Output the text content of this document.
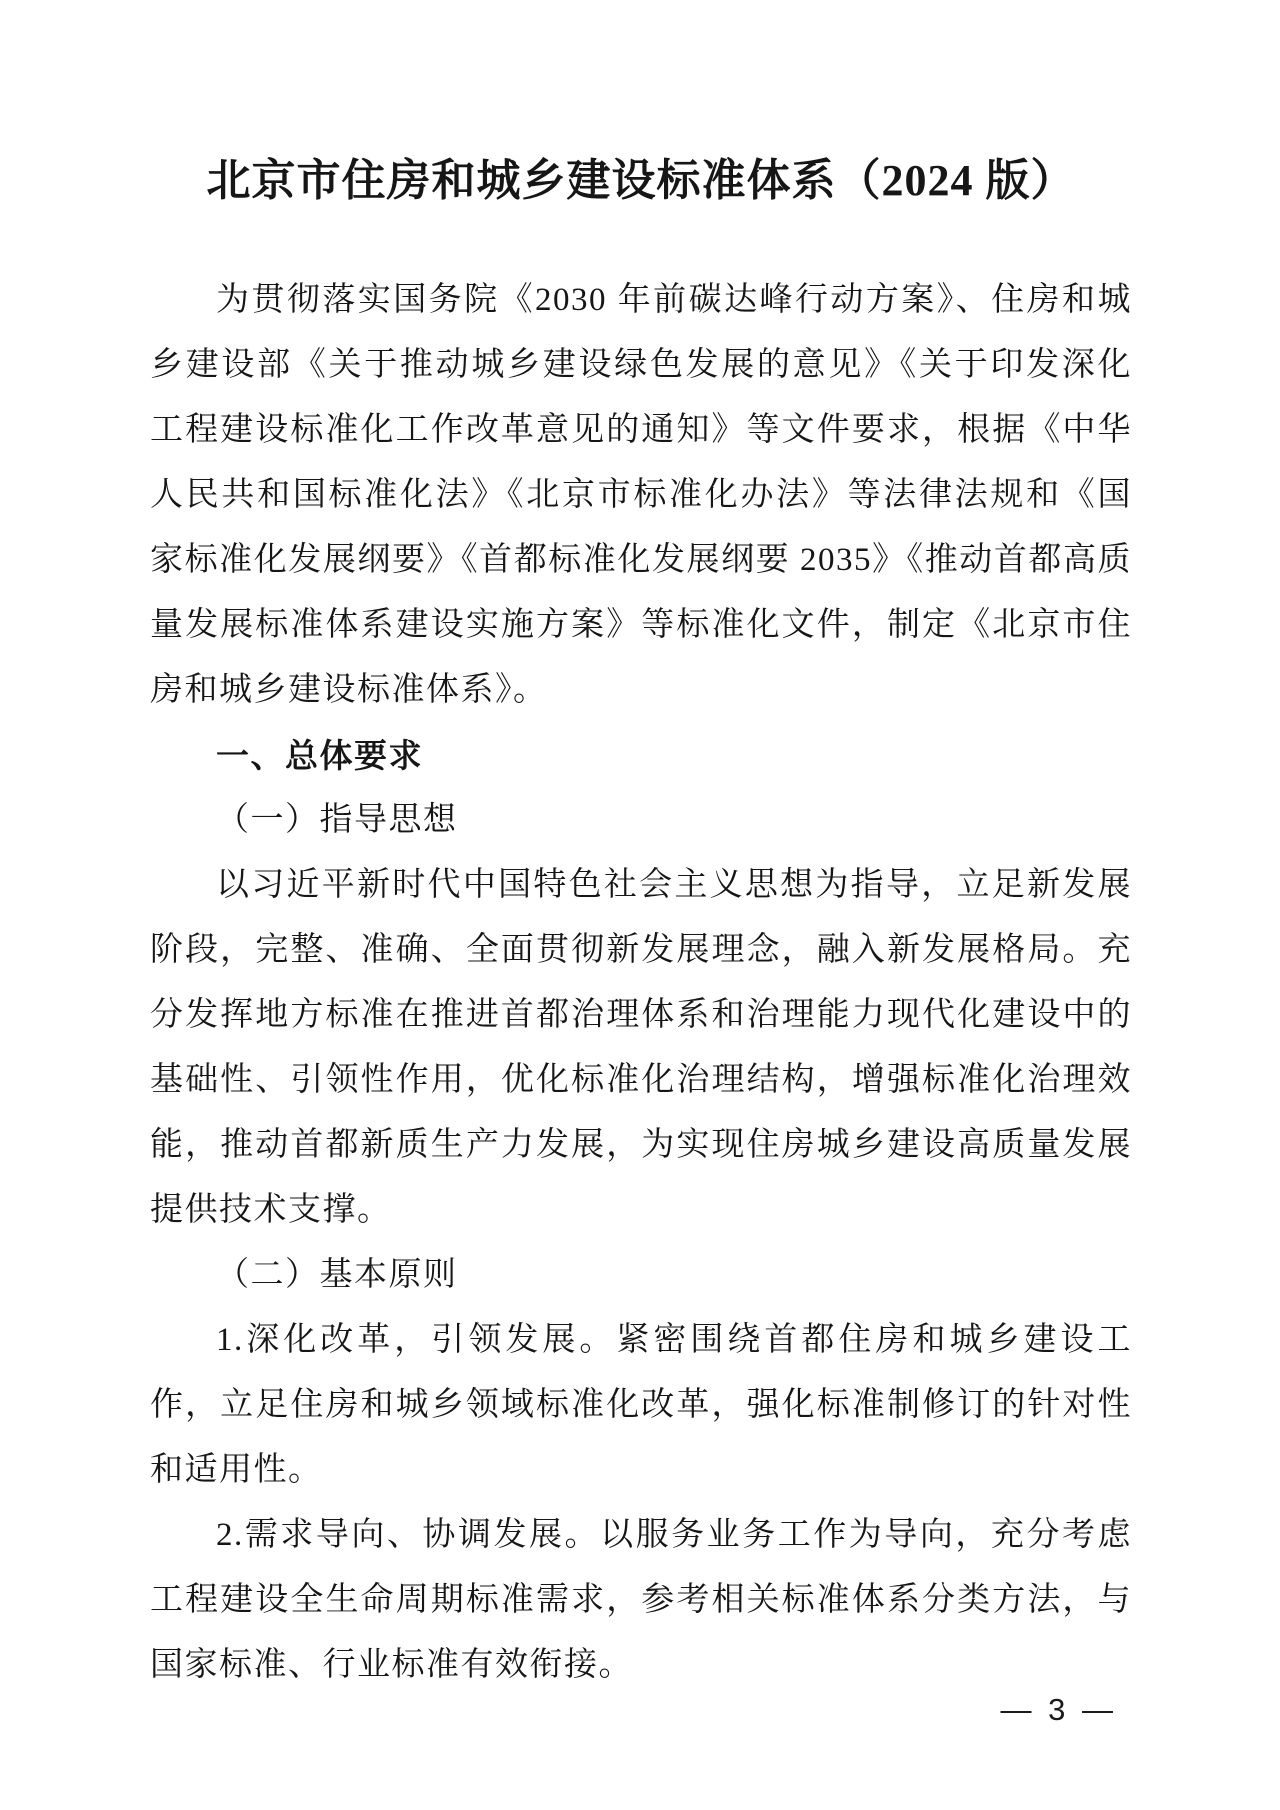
北京市住房和城乡建设标准体系（2024 版）

为贯彻落实国务院《2030 年前碳达峰行动方案》、住房和城乡建设部《关于推动城乡建设绿色发展的意见》《关于印发深化工程建设标准化工作改革意见的通知》等文件要求，根据《中华人民共和国标准化法》《北京市标准化办法》等法律法规和《国家标准化发展纲要》《首都标准化发展纲要 2035》《推动首都高质量发展标准体系建设实施方案》等标准化文件，制定《北京市住房和城乡建设标准体系》。

一、总体要求
（一）指导思想

以习近平新时代中国特色社会主义思想为指导，立足新发展阶段，完整、准确、全面贯彻新发展理念，融入新发展格局。充分发挥地方标准在推进首都治理体系和治理能力现代化建设中的基础性、引领性作用，优化标准化治理结构，增强标准化治理效能，推动首都新质生产力发展，为实现住房城乡建设高质量发展提供技术支撑。

（二）基本原则

1.深化改革，引领发展。紧密围绕首都住房和城乡建设工作，立足住房和城乡领域标准化改革，强化标准制修订的针对性和适用性。

2.需求导向、协调发展。以服务业务工作为导向，充分考虑工程建设全生命周期标准需求，参考相关标准体系分类方法，与国家标准、行业标准有效衔接。

— 3 —
